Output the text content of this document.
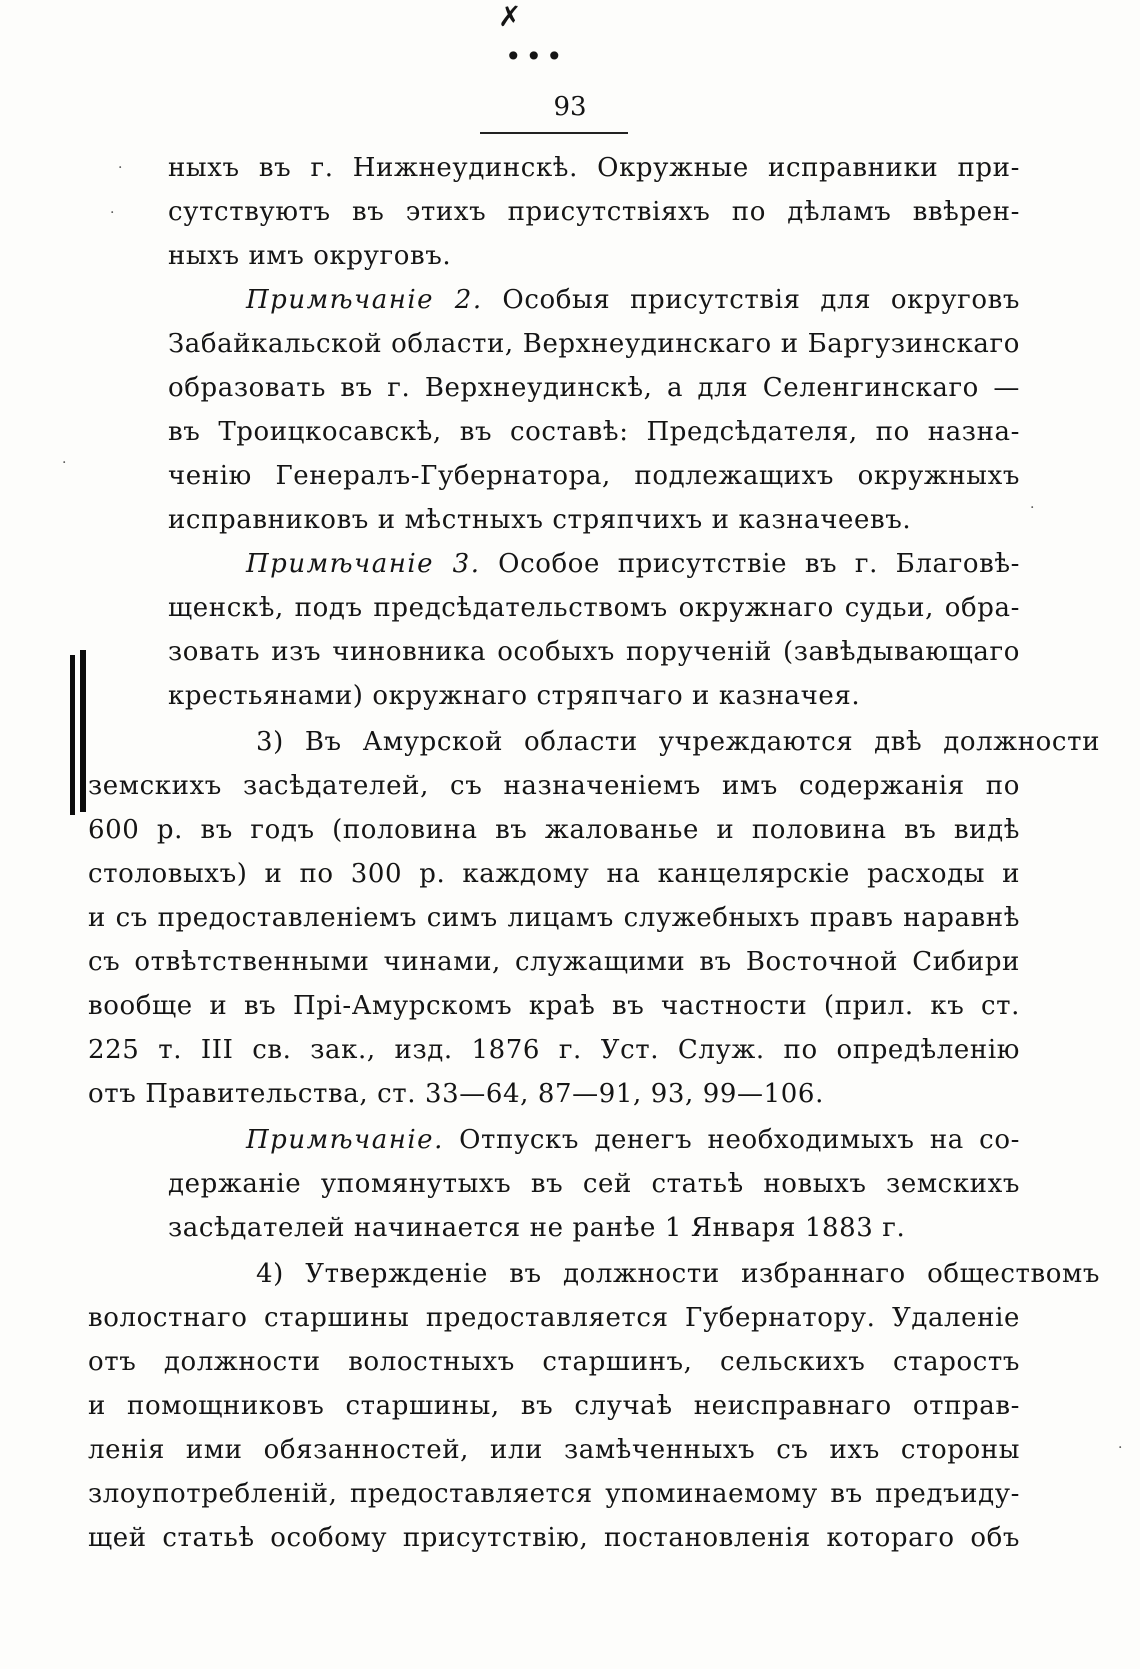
✗
•••
93
ныхъ въ г. Нижнеудинскѣ. Окружные исправники при-
сутствуютъ въ этихъ присутствіяхъ по дѣламъ ввѣрен-
ныхъ имъ округовъ.
Примѣчаніе 2. Особыя присутствія для округовъ
Забайкальской области, Верхнеудинскаго и Баргузинскаго
образовать въ г. Верхнеудинскѣ, а для Селенгинскаго —
въ Троицкосавскѣ, въ составѣ: Предсѣдателя, по назна-
ченію Генералъ-Губернатора, подлежащихъ окружныхъ
исправниковъ и мѣстныхъ стряпчихъ и казначеевъ.
Примѣчаніе 3. Особое присутствіе въ г. Благовѣ-
щенскѣ, подъ предсѣдательствомъ окружнаго судьи, обра-
зовать изъ чиновника особыхъ порученій (завѣдывающаго
крестьянами) окружнаго стряпчаго и казначея.
3) Въ Амурской области учреждаются двѣ должности
земскихъ засѣдателей, съ назначеніемъ имъ содержанія по
600 р. въ годъ (половина въ жалованье и половина въ видѣ
столовыхъ) и по 300 р. каждому на канцелярскіе расходы и
и съ предоставленіемъ симъ лицамъ служебныхъ правъ наравнѣ
съ отвѣтственными чинами, служащими въ Восточной Сибири
вообще и въ Прі-Амурскомъ краѣ въ частности (прил. къ ст.
225 т. III св. зак., изд. 1876 г. Уст. Служ. по опредѣленію
отъ Правительства, ст. 33—64, 87—91, 93, 99—106.
Примѣчаніе. Отпускъ денегъ необходимыхъ на со-
держаніе упомянутыхъ въ сей статьѣ новыхъ земскихъ
засѣдателей начинается не ранѣе 1 Января 1883 г.
4) Утвержденіе въ должности избраннаго обществомъ
волостнаго старшины предоставляется Губернатору. Удаленіе
отъ должности волостныхъ старшинъ, сельскихъ старостъ
и помощниковъ старшины, въ случаѣ неисправнаго отправ-
ленія ими обязанностей, или замѣченныхъ съ ихъ стороны
злоупотребленій, предоставляется упоминаемому въ предъиду-
щей статьѣ особому присутствію, постановленія котораго объ
·
·
·
·
·
